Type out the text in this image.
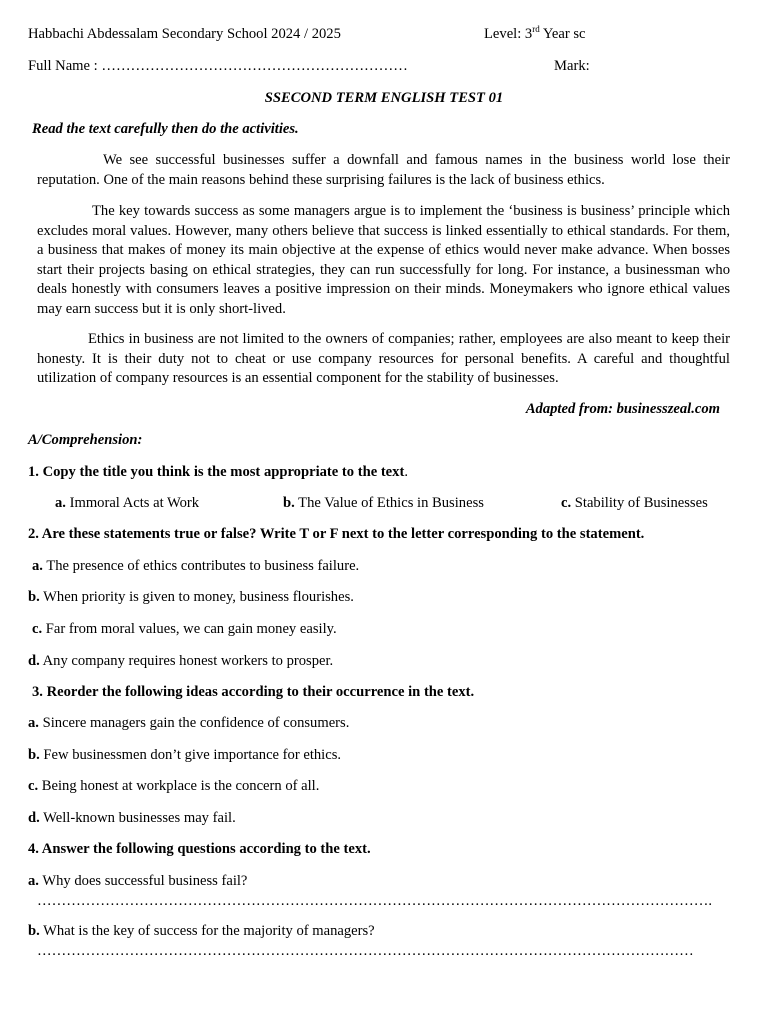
Habbachi Abdessalam Secondary School 2024 / 2025	Level: 3rd Year sc
Full Name : ………………………………………………………	Mark:
SSECOND TERM ENGLISH TEST 01
Read the text carefully then do the activities.
We see successful businesses suffer a downfall and famous names in the business world lose their reputation. One of the main reasons behind these surprising failures is the lack of business ethics.
The key towards success as some managers argue is to implement the ‘business is business’ principle which excludes moral values. However, many others believe that success is linked essentially to ethical standards. For them, a business that makes of money its main objective at the expense of ethics would never make advance. When bosses start their projects basing on ethical strategies, they can run successfully for long. For instance, a businessman who deals honestly with consumers leaves a positive impression on their minds. Moneymakers who ignore ethical values may earn success but it is only short-lived.
Ethics in business are not limited to the owners of companies; rather, employees are also meant to keep their honesty. It is their duty not to cheat or use company resources for personal benefits. A careful and thoughtful utilization of company resources is an essential component for the stability of businesses.
Adapted from: businesszeal.com
A/Comprehension:
1. Copy the title you think is the most appropriate to the text.
a. Immoral Acts at Work	b. The Value of Ethics in Business	c. Stability of Businesses
2. Are these statements true or false? Write T or F next to the letter corresponding to the statement.
a. The presence of ethics contributes to business failure.
b. When priority is given to money, business flourishes.
c. Far from moral values, we can gain money easily.
d. Any company requires honest workers to prosper.
3. Reorder the following ideas according to their occurrence in the text.
a. Sincere managers gain the confidence of consumers.
b. Few businessmen don’t give importance for ethics.
c. Being honest at workplace is the concern of all.
d. Well-known businesses may fail.
4. Answer the following questions according to the text.
a. Why does successful business fail?
………………………………………………………………………………………………………………………….
b. What is the key of success for the majority of managers?
………………………………………………………………………………………………………………………
